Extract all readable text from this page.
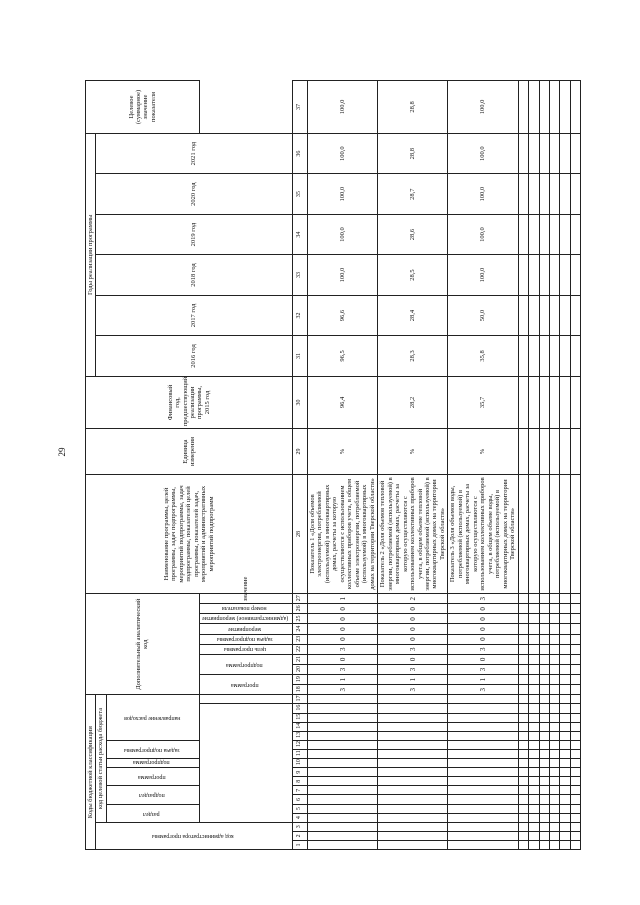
29
Коды бюджетной классификации																	Дополнительный аналитический код										Наименование программы, целей программы, задач подпрограммы, мероприятий подпрограммы, задач подпрограммы, показателей целей программы, показателей задач, мероприятий и административных мероприятий подпрограмм	Единица измерения	Финансовый год, предшествующий реализации программы, 2015 год	Годы реализации программы						Целевое (суммарное) значение показателя
код администратора программы			код целевой статьи расхода бюджета																											2016 год	2017 год	2018 год	2019 год	2020 год	2021 год	
			раздел		подраздел		программа		подпрограмма	задача подпрограммы		направление расходов																								
																	программа		подпрограмма		цель программы	задача подпрограммы	мероприятие	(административное) мероприятие	номер показателя	значение										
1	2	3	4	5	6	7	8	9	10	11	12	13	14	15	16	17	18	19	20	21	22	23	24	25	26	27	28	29	30	31	32	33	34	35	36	37
																	3	1	3	0	3	0	0	0	0	1	Показатель 1 «Доля объемов электроэнергии, потребляемой (используемой) в многоквартирных домах, расчеты за которую осуществляются с использованием коллективных приборов учета, в общем объеме электроэнергии, потребляемой (используемой) в многоквартирных домах на территории Тверской области»	%	96,4	96,5	96,6	100,0	100,0	100,0	100,0	100,0
																	3	1	3	0	3	0	0	0	0	2	Показатель 2 «Доля объемов тепловой энергии, потребляемой (используемой) в многоквартирных домах, расчеты за которую осуществляются с использованием коллективных приборов учета, в общем объеме тепловой энергии, потребляемой (используемой) в многоквартирных домах на территории Тверской области»	%	28,2	28,3	28,4	28,5	28,6	28,7	28,8	28,8
																	3	1	3	0	3	0	0	0	0	3	Показатель 3 «Доля объемов воды, потребляемой (используемой) в многоквартирных домах, расчеты за которую осуществляются с использованием коллективных приборов учета, в общем объеме воды, потребляемой (используемой) в многоквартирных домах на территории Тверской области»	%	35,7	35,8	50,0	100,0	100,0	100,0	100,0	100,0
